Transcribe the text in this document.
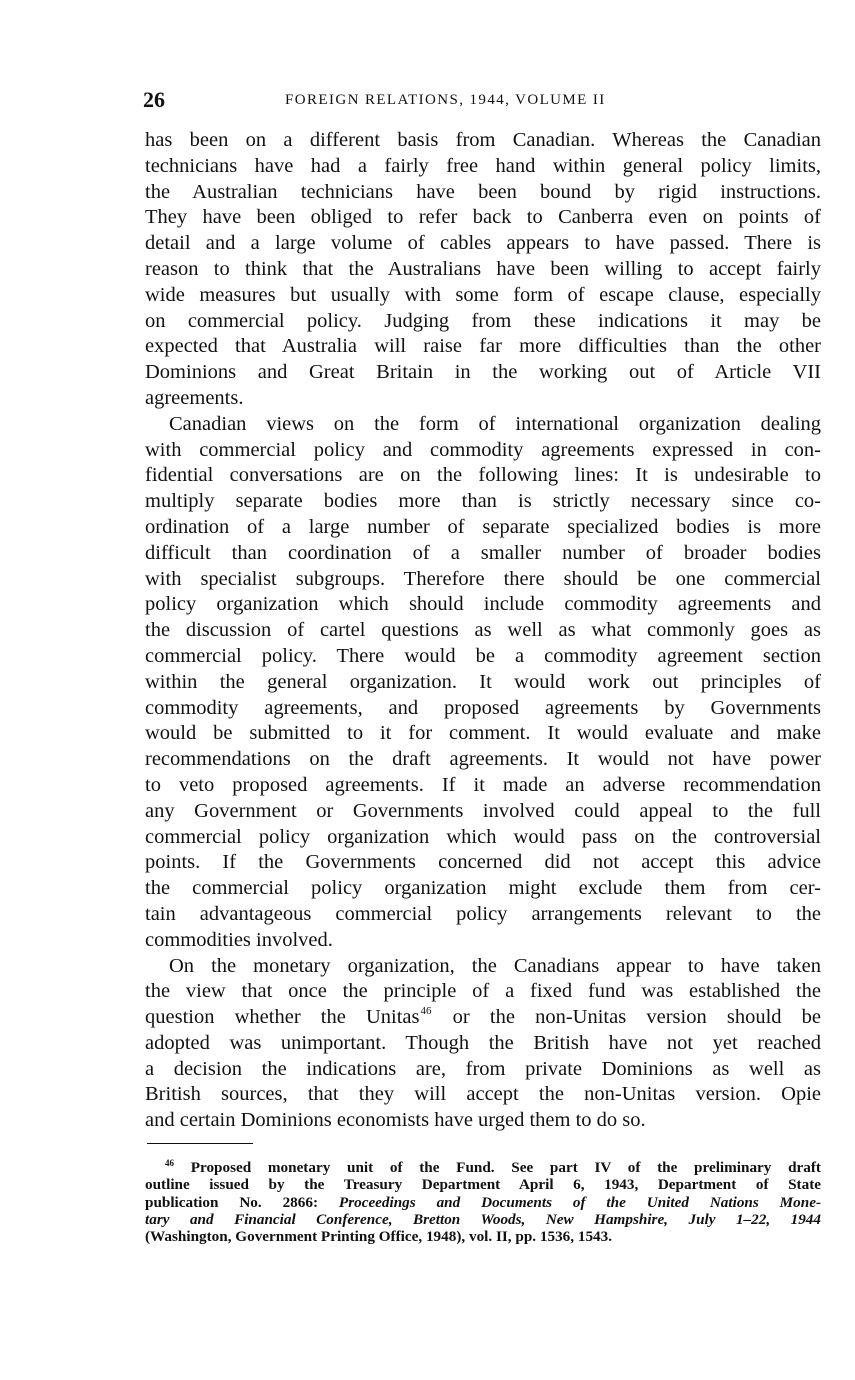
26	FOREIGN RELATIONS, 1944, VOLUME II
has been on a different basis from Canadian. Whereas the Canadian
technicians have had a fairly free hand within general policy limits,
the Australian technicians have been bound by rigid instructions.
They have been obliged to refer back to Canberra even on points of
detail and a large volume of cables appears to have passed. There is
reason to think that the Australians have been willing to accept fairly
wide measures but usually with some form of escape clause, especially
on commercial policy. Judging from these indications it may be
expected that Australia will raise far more difficulties than the other
Dominions and Great Britain in the working out of Article VII
agreements.
Canadian views on the form of international organization dealing
with commercial policy and commodity agreements expressed in con-
fidential conversations are on the following lines: It is undesirable to
multiply separate bodies more than is strictly necessary since co-
ordination of a large number of separate specialized bodies is more
difficult than coordination of a smaller number of broader bodies
with specialist subgroups. Therefore there should be one commercial
policy organization which should include commodity agreements and
the discussion of cartel questions as well as what commonly goes as
commercial policy. There would be a commodity agreement section
within the general organization. It would work out principles of
commodity agreements, and proposed agreements by Governments
would be submitted to it for comment. It would evaluate and make
recommendations on the draft agreements. It would not have power
to veto proposed agreements. If it made an adverse recommendation
any Government or Governments involved could appeal to the full
commercial policy organization which would pass on the controversial
points. If the Governments concerned did not accept this advice
the commercial policy organization might exclude them from cer-
tain advantageous commercial policy arrangements relevant to the
commodities involved.
On the monetary organization, the Canadians appear to have taken
the view that once the principle of a fixed fund was established the
question whether the Unitas$^{46}$ or the non-Unitas version should be
adopted was unimportant. Though the British have not yet reached
a decision the indications are, from private Dominions as well as
British sources, that they will accept the non-Unitas version. Opie
and certain Dominions economists have urged them to do so.
$^{46}$ Proposed monetary unit of the Fund. See part IV of the preliminary draft
outline issued by the Treasury Department April 6, 1943, Department of State
publication No. 2866: Proceedings and Documents of the United Nations Mone-
tary and Financial Conference, Bretton Woods, New Hampshire, July 1–22, 1944
(Washington, Government Printing Office, 1948), vol. II, pp. 1536, 1543.
